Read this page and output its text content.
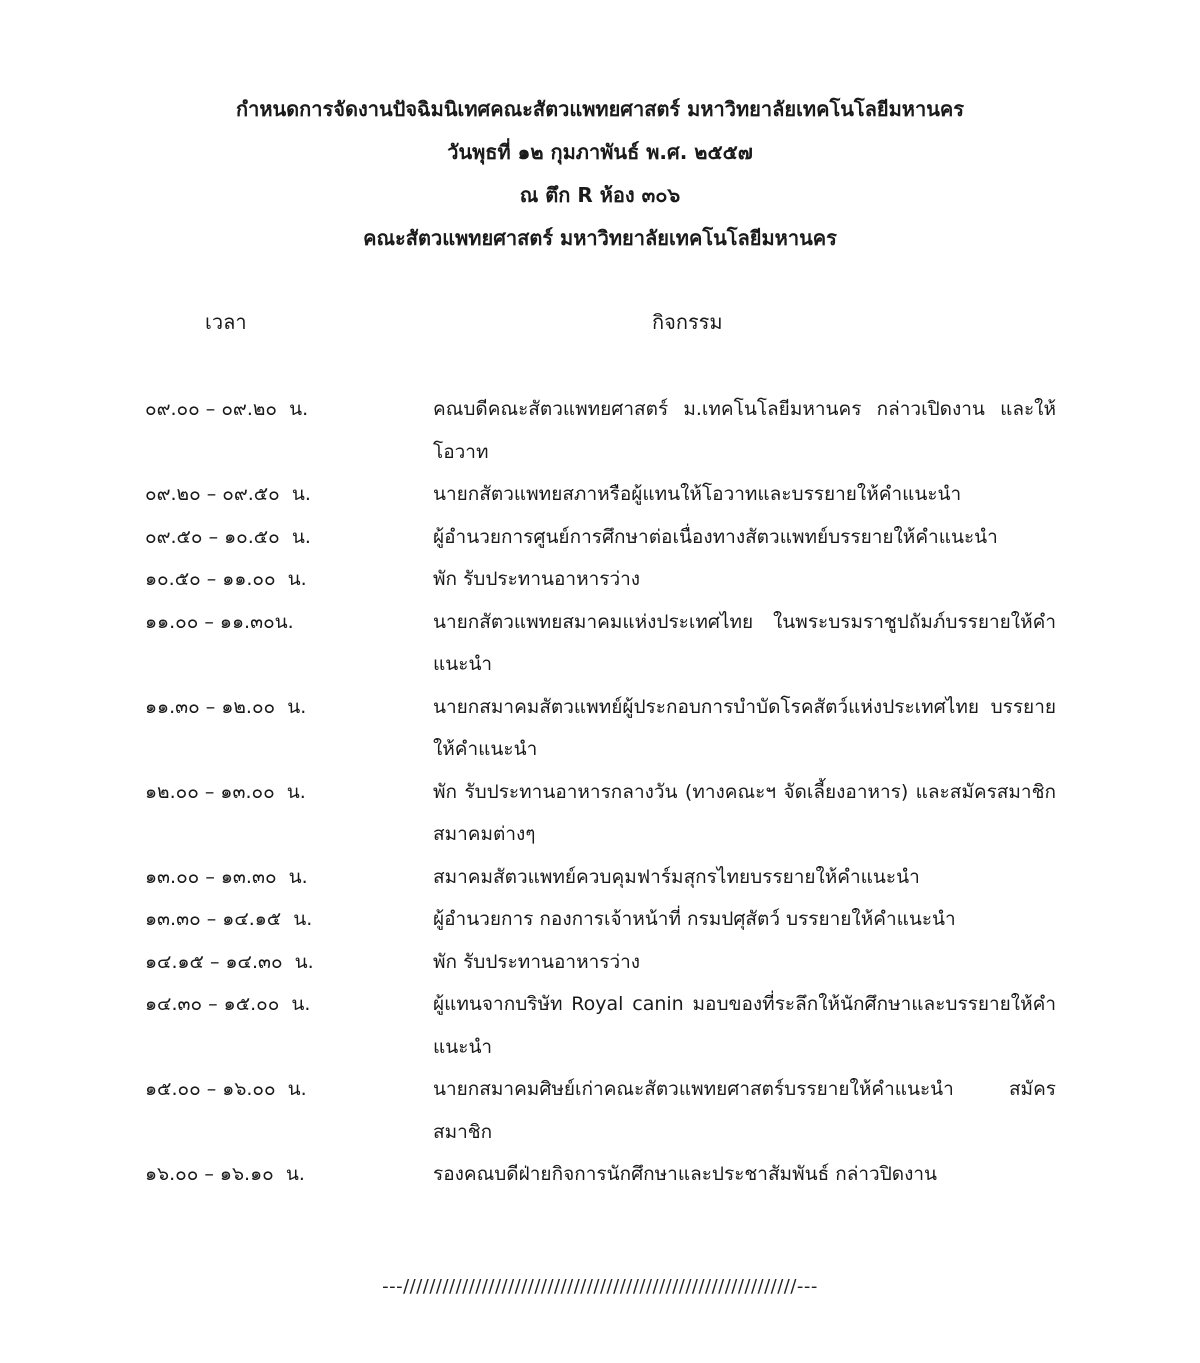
กำหนดการจัดงานปัจฉิมนิเทศคณะสัตวแพทยศาสตร์ มหาวิทยาลัยเทคโนโลยีมหานคร
วันพุธที่ ๑๒ กุมภาพันธ์ พ.ศ. ๒๕๕๗
ณ ตึก R ห้อง ๓๐๖
คณะสัตวแพทยศาสตร์ มหาวิทยาลัยเทคโนโลยีมหานคร
เวลา	กิจกรรม
๐๙.๐๐ – ๐๙.๒๐  น.	คณบดีคณะสัตวแพทยศาสตร์ ม.เทคโนโลยีมหานคร กล่าวเปิดงาน และให้โอวาท
๐๙.๒๐ – ๐๙.๕๐  น.	นายกสัตวแพทยสภาหรือผู้แทนให้โอวาทและบรรยายให้คำแนะนำ
๐๙.๕๐ – ๑๐.๕๐  น.	ผู้อำนวยการศูนย์การศึกษาต่อเนื่องทางสัตวแพทย์บรรยายให้คำแนะนำ
๑๐.๕๐ – ๑๑.๐๐  น.	พัก รับประทานอาหารว่าง
๑๑.๐๐ – ๑๑.๓๐น.	นายกสัตวแพทยสมาคมแห่งประเทศไทย ในพระบรมราชูปถัมภ์บรรยายให้คำแนะนำ
๑๑.๓๐ – ๑๒.๐๐  น.	นายกสมาคมสัตวแพทย์ผู้ประกอบการบำบัดโรคสัตว์แห่งประเทศไทย บรรยายให้คำแนะนำ
๑๒.๐๐ – ๑๓.๐๐  น.	พัก รับประทานอาหารกลางวัน (ทางคณะฯ จัดเลี้ยงอาหาร) และสมัครสมาชิกสมาคมต่างๆ
๑๓.๐๐ – ๑๓.๓๐  น.	สมาคมสัตวแพทย์ควบคุมฟาร์มสุกรไทยบรรยายให้คำแนะนำ
๑๓.๓๐ – ๑๔.๑๕  น.	ผู้อำนวยการ กองการเจ้าหน้าที่ กรมปศุสัตว์ บรรยายให้คำแนะนำ
๑๔.๑๕ – ๑๔.๓๐  น.	พัก รับประทานอาหารว่าง
๑๔.๓๐ – ๑๕.๐๐  น.	ผู้แทนจากบริษัท Royal canin มอบของที่ระลึกให้นักศึกษาและบรรยายให้คำแนะนำ
๑๕.๐๐ – ๑๖.๐๐  น.	นายกสมาคมศิษย์เก่าคณะสัตวแพทยศาสตร์บรรยายให้คำแนะนำ สมัครสมาชิก
๑๖.๐๐ – ๑๖.๑๐  น.	รองคณบดีฝ่ายกิจการนักศึกษาและประชาสัมพันธ์ กล่าวปิดงาน
---////////////////////////////////////////////////////////////---
